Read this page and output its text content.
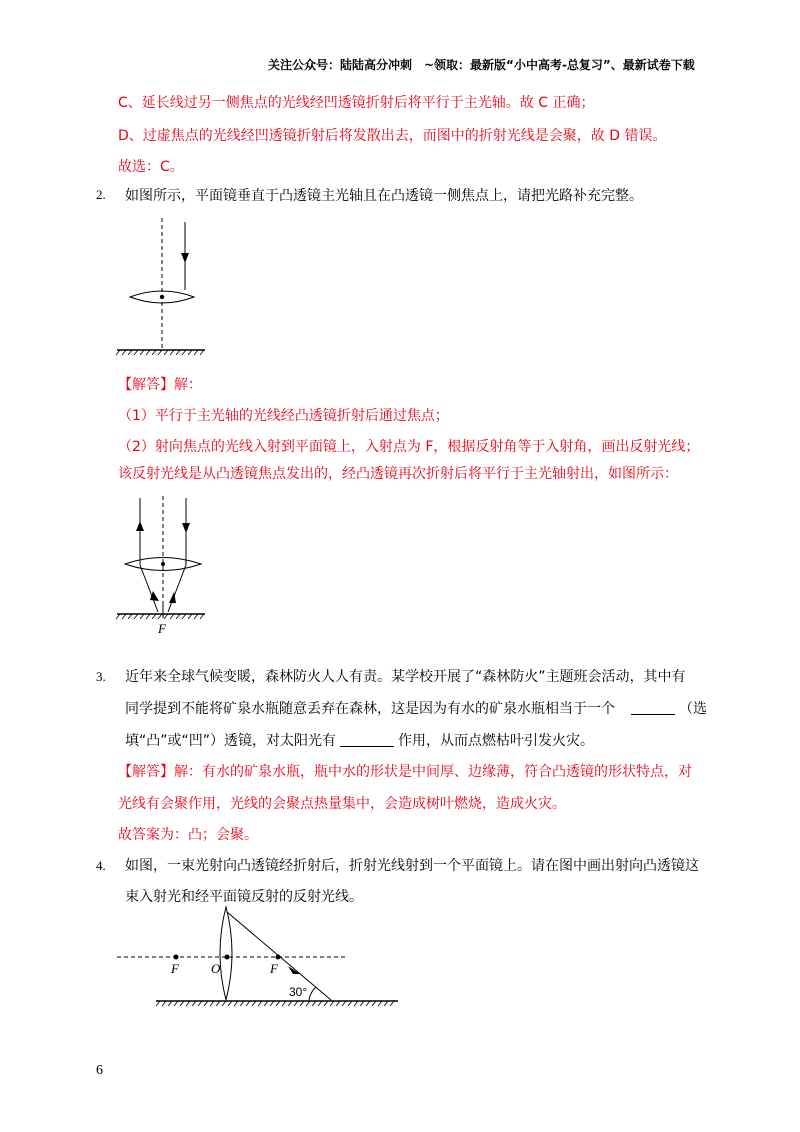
关注公众号：陆陆高分冲刺　~领取：最新版“小中高考-总复习”、最新试卷下载
C、延长线过另一侧焦点的光线经凹透镜折射后将平行于主光轴。故 C 正确；
D、过虚焦点的光线经凹透镜折射后将发散出去，而图中的折射光线是会聚，故 D 错误。
故选：C。
2. 如图所示，平面镜垂直于凸透镜主光轴且在凸透镜一侧焦点上，请把光路补充完整。
【解答】解：
（1）平行于主光轴的光线经凸透镜折射后通过焦点；
（2）射向焦点的光线入射到平面镜上，入射点为 F，根据反射角等于入射角，画出反射光线；
该反射光线是从凸透镜焦点发出的，经凸透镜再次折射后将平行于主光轴射出，如图所示：
F
3. 近年来全球气候变暖，森林防火人人有责。某学校开展了“森林防火”主题班会活动，其中有
同学提到不能将矿泉水瓶随意丢弃在森林，这是因为有水的矿泉水瓶相当于一个	（选
填“凸”或“凹”）透镜，对太阳光有	作用，从而点燃枯叶引发火灾。
【解答】解：有水的矿泉水瓶，瓶中水的形状是中间厚、边缘薄，符合凸透镜的形状特点，对
光线有会聚作用，光线的会聚点热量集中，会造成树叶燃烧，造成火灾。
故答案为：凸；会聚。
4. 如图，一束光射向凸透镜经折射后，折射光线射到一个平面镜上。请在图中画出射向凸透镜这
束入射光和经平面镜反射的反射光线。
F O	F
30°
6
